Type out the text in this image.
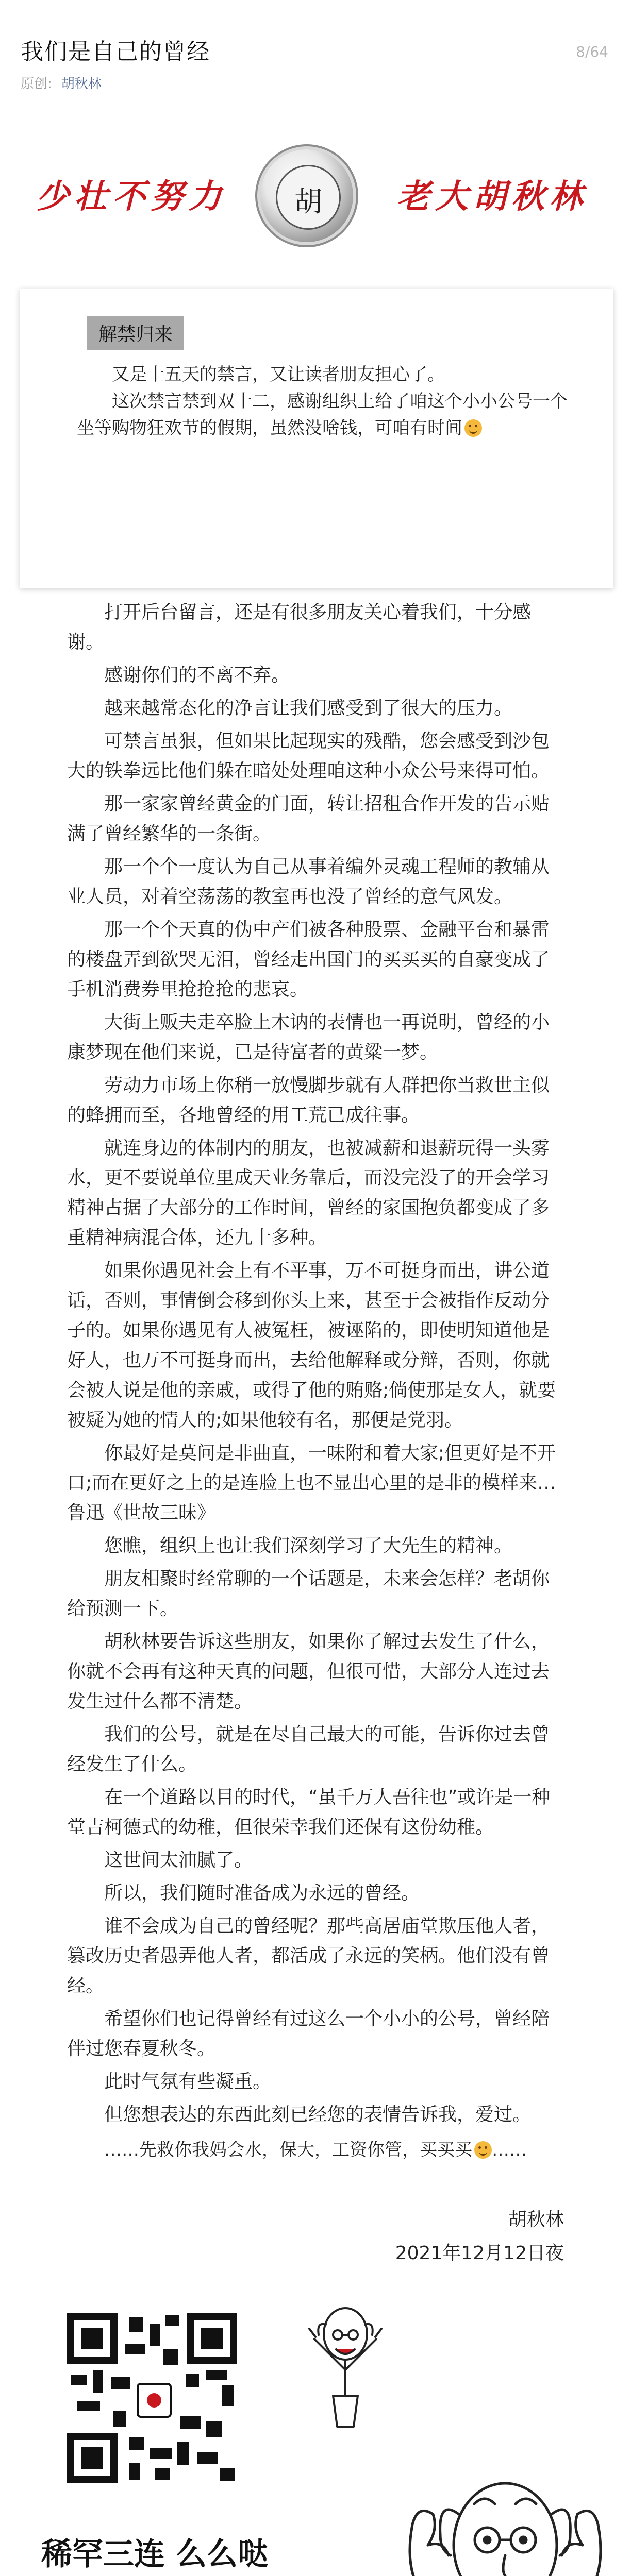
我们是自己的曾经	8/64
原创: 胡秋林
少壮不努力	胡	老大胡秋林
解禁归来

又是十五天的禁言，又让读者朋友担心了。

这次禁言禁到双十二，感谢组织上给了咱这个小小公号一个坐等购物狂欢节的假期，虽然没啥钱，可咱有时间

打开后台留言，还是有很多朋友关心着我们，十分感谢。

感谢你们的不离不弃。

越来越常态化的净言让我们感受到了很大的压力。

可禁言虽狠，但如果比起现实的残酷，您会感受到沙包大的铁拳远比他们躲在暗处处理咱这种小众公号来得可怕。

那一家家曾经黄金的门面，转让招租合作开发的告示贴满了曾经繁华的一条街。

那一个个一度认为自己从事着编外灵魂工程师的教辅从业人员，对着空荡荡的教室再也没了曾经的意气风发。

那一个个天真的伪中产们被各种股票、金融平台和暴雷的楼盘弄到欲哭无泪，曾经走出国门的买买买的自豪变成了手机消费券里抢抢抢的悲哀。

大街上贩夫走卒脸上木讷的表情也一再说明，曾经的小康梦现在他们来说，已是待富者的黄粱一梦。

劳动力市场上你稍一放慢脚步就有人群把你当救世主似的蜂拥而至，各地曾经的用工荒已成往事。

就连身边的体制内的朋友，也被减薪和退薪玩得一头雾水，更不要说单位里成天业务靠后，而没完没了的开会学习精神占据了大部分的工作时间，曾经的家国抱负都变成了多重精神病混合体，还九十多种。

如果你遇见社会上有不平事，万不可挺身而出，讲公道话，否则，事情倒会移到你头上来，甚至于会被指作反动分子的。如果你遇见有人被冤枉，被诬陷的，即使明知道他是好人，也万不可挺身而出，去给他解释或分辩，否则，你就会被人说是他的亲戚，或得了他的贿赂;倘使那是女人，就要被疑为她的情人的;如果他较有名，那便是党羽。

你最好是莫问是非曲直，一味附和着大家;但更好是不开口;而在更好之上的是连脸上也不显出心里的是非的模样来…鲁迅《世故三昧》

您瞧，组织上也让我们深刻学习了大先生的精神。

朋友相聚时经常聊的一个话题是，未来会怎样？老胡你给预测一下。

胡秋林要告诉这些朋友，如果你了解过去发生了什么，你就不会再有这种天真的问题，但很可惜，大部分人连过去发生过什么都不清楚。

我们的公号，就是在尽自己最大的可能，告诉你过去曾经发生了什么。

在一个道路以目的时代，“虽千万人吾往也”或许是一种堂吉柯德式的幼稚，但很荣幸我们还保有这份幼稚。

这世间太油腻了。

所以，我们随时准备成为永远的曾经。

谁不会成为自己的曾经呢？那些高居庙堂欺压他人者，篡改历史者愚弄他人者，都活成了永远的笑柄。他们没有曾经。

希望你们也记得曾经有过这么一个小小的公号，曾经陪伴过您春夏秋冬。

此时气氛有些凝重。

但您想表达的东西此刻已经您的表情告诉我，爱过。

……先救你我妈会水，保大，工资你管，买买买 ……
胡秋林
2021年12月12日夜
稀罕三连 么么哒
